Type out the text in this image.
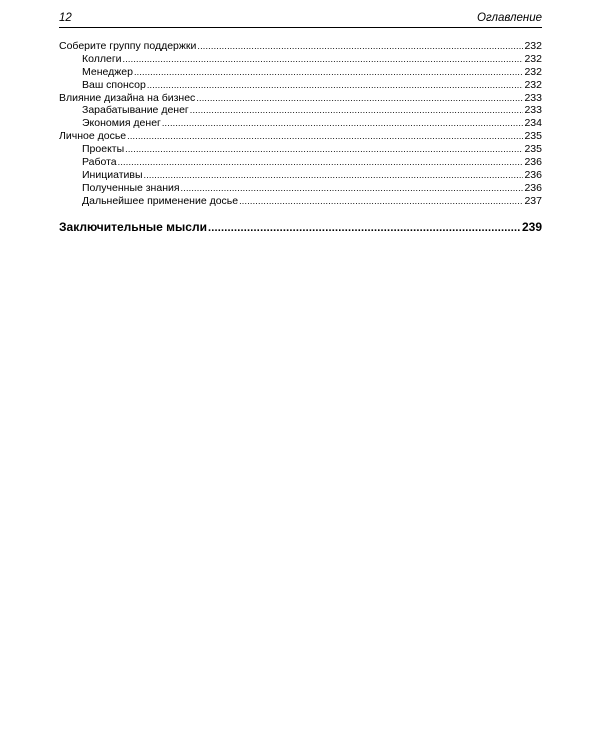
12	Оглавление
Соберите группу поддержки .....	232
Коллеги .....	232
Менеджер .....	232
Ваш спонсор .....	232
Влияние дизайна на бизнес .....	233
Зарабатывание денег .....	233
Экономия денег .....	234
Личное досье .....	235
Проекты .....	235
Работа .....	236
Инициативы .....	236
Полученные знания .....	236
Дальнейшее применение досье .....	237
Заключительные мысли .....	239
